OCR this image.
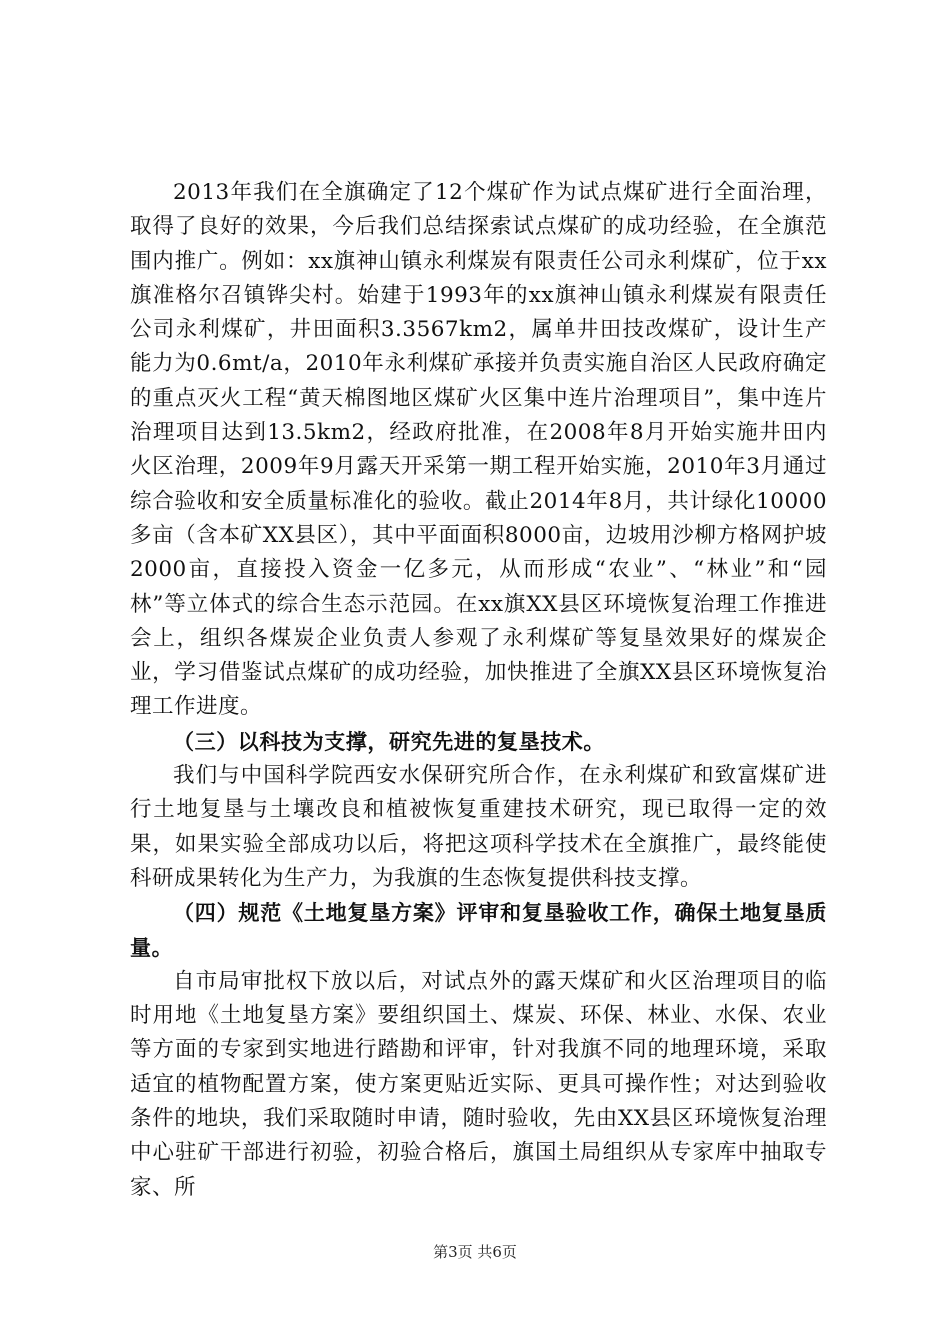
2013年我们在全旗确定了12个煤矿作为试点煤矿进行全面治理，取得了良好的效果，今后我们总结探索试点煤矿的成功经验，在全旗范围内推广。例如：xx旗神山镇永利煤炭有限责任公司永利煤矿，位于xx旗准格尔召镇铧尖村。始建于1993年的xx旗神山镇永利煤炭有限责任公司永利煤矿，井田面积3.3567km2，属单井田技改煤矿，设计生产能力为0.6mt/a，2010年永利煤矿承接并负责实施自治区人民政府确定的重点灭火工程“黄天棉图地区煤矿火区集中连片治理项目”，集中连片治理项目达到13.5km2，经政府批准，在2008年8月开始实施井田内火区治理，2009年9月露天开采第一期工程开始实施，2010年3月通过综合验收和安全质量标准化的验收。截止2014年8月，共计绿化10000多亩（含本矿XX县区），其中平面面积8000亩，边坡用沙柳方格网护坡2000亩，直接投入资金一亿多元，从而形成“农业”、“林业”和“园林”等立体式的综合生态示范园。在xx旗XX县区环境恢复治理工作推进会上，组织各煤炭企业负责人参观了永利煤矿等复垦效果好的煤炭企业，学习借鉴试点煤矿的成功经验，加快推进了全旗XX县区环境恢复治理工作进度。

（三）以科技为支撑，研究先进的复垦技术。

我们与中国科学院西安水保研究所合作，在永利煤矿和致富煤矿进行土地复垦与土壤改良和植被恢复重建技术研究，现已取得一定的效果，如果实验全部成功以后，将把这项科学技术在全旗推广，最终能使科研成果转化为生产力，为我旗的生态恢复提供科技支撑。

（四）规范《土地复垦方案》评审和复垦验收工作，确保土地复垦质量。

自市局审批权下放以后，对试点外的露天煤矿和火区治理项目的临时用地《土地复垦方案》要组织国土、煤炭、环保、林业、水保、农业等方面的专家到实地进行踏勘和评审，针对我旗不同的地理环境，采取适宜的植物配置方案，使方案更贴近实际、更具可操作性；对达到验收条件的地块，我们采取随时申请，随时验收，先由XX县区环境恢复治理中心驻矿干部进行初验，初验合格后，旗国土局组织从专家库中抽取专家、所

第3页 共6页
